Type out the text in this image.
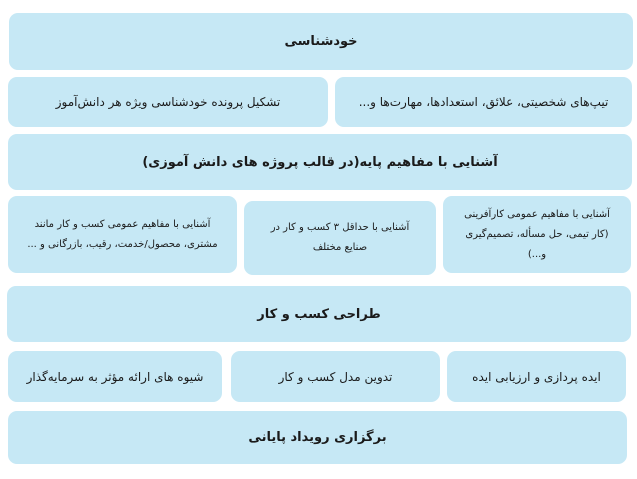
خودشناسی
تیپ‌های شخصیتی، علائق، استعدادها، مهارت‌ها و...
تشکیل پرونده خودشناسی ویژه هر دانش‌آموز
آشنایی با مفاهیم پایه(در قالب پروژه های دانش آموزی)
آشنایی با مفاهیم عمومی کارآفرینی (کار تیمی، حل مسأله، تصمیم‌گیری و...)
آشنایی با حداقل ۳ کسب و کار در صنایع مختلف
آشنایی با مفاهیم عمومی کسب و کار مانند مشتری، محصول/خدمت، رقیب، بازرگانی و ...
طراحی کسب و کار
ایده پردازی و ارزیابی ایده
تدوین مدل کسب و کار
شیوه های ارائه مؤثر به سرمایه‌گذار
برگزاری رویداد پایانی
